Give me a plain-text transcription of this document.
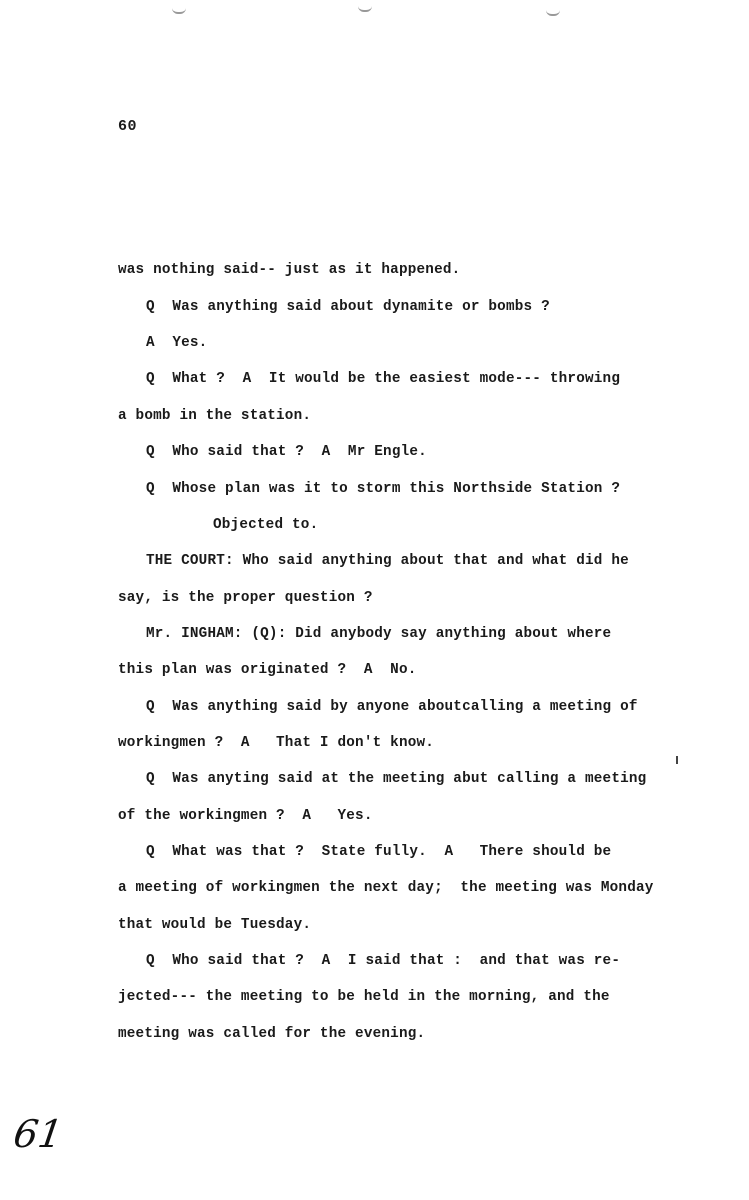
60
was nothing said-- just as it happened.
Q  Was anything said about dynamite or bombs ?
A  Yes.
Q  What ?  A  It would be the easiest mode--- throwing
a bomb in the station.
Q  Who said that ?  A  Mr Engle.
Q  Whose plan was it to storm this Northside Station ?
Objected to.
THE COURT: Who said anything about that and what did he
say, is the proper question ?
Mr. INGHAM: (Q): Did anybody say anything about where
this plan was originated ?  A  No.
Q  Was anything said by anyone aboutcalling a meeting of
workingmen ?  A   That I don't know.
Q  Was anyting said at the meeting abut calling a meeting
of the workingmen ?  A   Yes.
Q  What was that ?  State fully.  A   There should be
a meeting of workingmen the next day;  the meeting was Monday
that would be Tuesday.
Q  Who said that ?  A  I said that :  and that was re-
jected--- the meeting to be held in the morning, and the
meeting was called for the evening.
61
